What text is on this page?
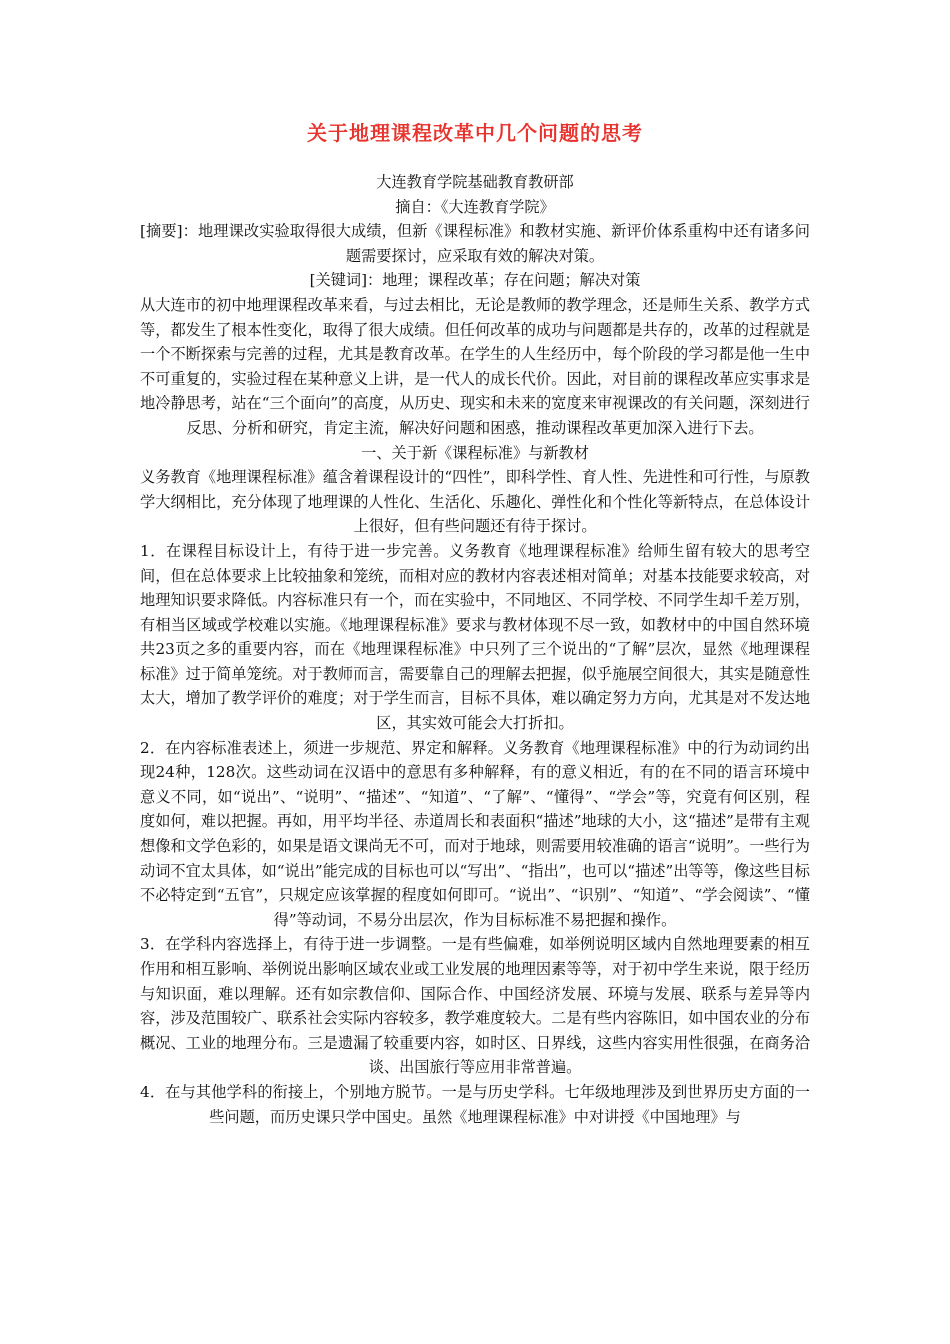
关于地理课程改革中几个问题的思考

大连教育学院基础教育教研部

摘自：《大连教育学院》

[摘要]：地理课改实验取得很大成绩，但新《课程标准》和教材实施、新评价体系重构中还有诸多问题需要探讨，应采取有效的解决对策。

[关键词]：地理；课程改革；存在问题；解决对策

从大连市的初中地理课程改革来看，与过去相比，无论是教师的教学理念，还是师生关系、教学方式等，都发生了根本性变化，取得了很大成绩。但任何改革的成功与问题都是共存的，改革的过程就是一个不断探索与完善的过程，尤其是教育改革。在学生的人生经历中，每个阶段的学习都是他一生中不可重复的，实验过程在某种意义上讲，是一代人的成长代价。因此，对目前的课程改革应实事求是地冷静思考，站在“三个面向”的高度，从历史、现实和未来的宽度来审视课改的有关问题，深刻进行反思、分析和研究，肯定主流，解决好问题和困惑，推动课程改革更加深入进行下去。

一、关于新《课程标准》与新教材

义务教育《地理课程标准》蕴含着课程设计的“四性”，即科学性、育人性、先进性和可行性，与原教学大纲相比，充分体现了地理课的人性化、生活化、乐趣化、弹性化和个性化等新特点，在总体设计上很好，但有些问题还有待于探讨。

1．在课程目标设计上，有待于进一步完善。义务教育《地理课程标准》给师生留有较大的思考空间，但在总体要求上比较抽象和笼统，而相对应的教材内容表述相对简单；对基本技能要求较高，对地理知识要求降低。内容标准只有一个，而在实验中，不同地区、不同学校、不同学生却千差万别，有相当区域或学校难以实施。《地理课程标准》要求与教材体现不尽一致，如教材中的中国自然环境共23页之多的重要内容，而在《地理课程标准》中只列了三个说出的“了解”层次，显然《地理课程标准》过于简单笼统。对于教师而言，需要靠自己的理解去把握，似乎施展空间很大，其实是随意性太大，增加了教学评价的难度；对于学生而言，目标不具体，难以确定努力方向，尤其是对不发达地区，其实效可能会大打折扣。

2．在内容标准表述上，须进一步规范、界定和解释。义务教育《地理课程标准》中的行为动词约出现24种，128次。这些动词在汉语中的意思有多种解释，有的意义相近，有的在不同的语言环境中意义不同，如“说出”、“说明”、“描述”、“知道”、“了解”、“懂得”、“学会”等，究竟有何区别，程度如何，难以把握。再如，用平均半径、赤道周长和表面积“描述”地球的大小，这“描述”是带有主观想像和文学色彩的，如果是语文课尚无不可，而对于地球，则需要用较准确的语言“说明”。一些行为动词不宜太具体，如“说出”能完成的目标也可以“写出”、“指出”，也可以“描述”出等等，像这些目标不必特定到“五官”，只规定应该掌握的程度如何即可。“说出”、“识别”、“知道”、“学会阅读”、“懂得”等动词，不易分出层次，作为目标标准不易把握和操作。

3．在学科内容选择上，有待于进一步调整。一是有些偏难，如举例说明区域内自然地理要素的相互作用和相互影响、举例说出影响区域农业或工业发展的地理因素等等，对于初中学生来说，限于经历与知识面，难以理解。还有如宗教信仰、国际合作、中国经济发展、环境与发展、联系与差异等内容，涉及范围较广、联系社会实际内容较多，教学难度较大。二是有些内容陈旧，如中国农业的分布概况、工业的地理分布。三是遗漏了较重要内容，如时区、日界线，这些内容实用性很强，在商务洽谈、出国旅行等应用非常普遍。

4．在与其他学科的衔接上，个别地方脱节。一是与历史学科。七年级地理涉及到世界历史方面的一些问题，而历史课只学中国史。虽然《地理课程标准》中对讲授《中国地理》与
